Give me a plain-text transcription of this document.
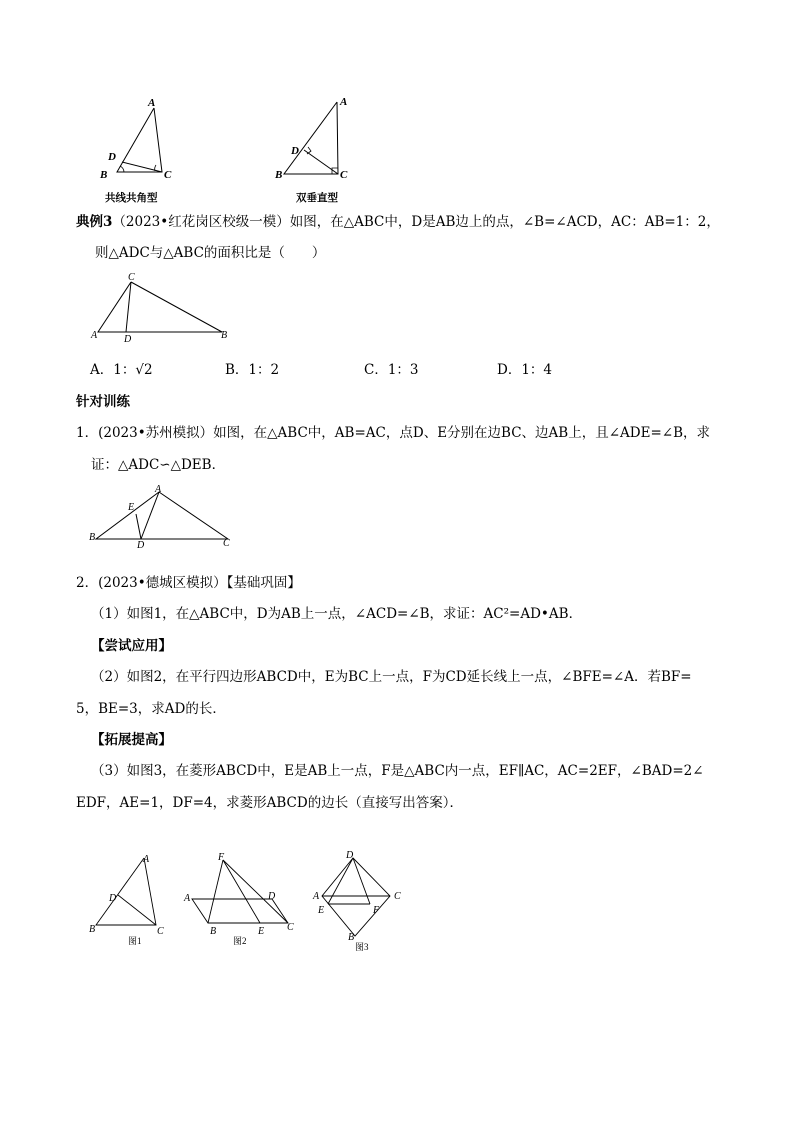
A
D
B	C
共线共角型
A
D
B	C
双垂直型
典例3（2023•红花岗区校级一模）如图，在△ABC中，D是AB边上的点，∠B=∠ACD，AC：AB=1：2，
则△ADC与△ABC的面积比是（　　）
C
A	D	B
A．1：√2	B．1：2	C．1：3	D．1：4
针对训练
1．(2023•苏州模拟）如图，在△ABC中，AB=AC，点D、E分别在边BC、边AB上，且∠ADE=∠B，求
证：△ADC∽△DEB．
A
E
B
D	C
2．(2023•德城区模拟）【基础巩固】
（1）如图1，在△ABC中，D为AB上一点，∠ACD=∠B，求证：AC²=AD•AB．
【尝试应用】
（2）如图2，在平行四边形ABCD中，E为BC上一点，F为CD延长线上一点，∠BFE=∠A．若BF=
5，BE=3，求AD的长．
【拓展提高】
（3）如图3，在菱形ABCD中，E是AB上一点，F是△ABC内一点，EF∥AC，AC=2EF，∠BAD=2∠
EDF，AE=1，DF=4，求菱形ABCD的边长（直接写出答案）．
A
D
B	C
图1
F
A	D
B	E C
图2
D
A	C
E	F
B
图3
